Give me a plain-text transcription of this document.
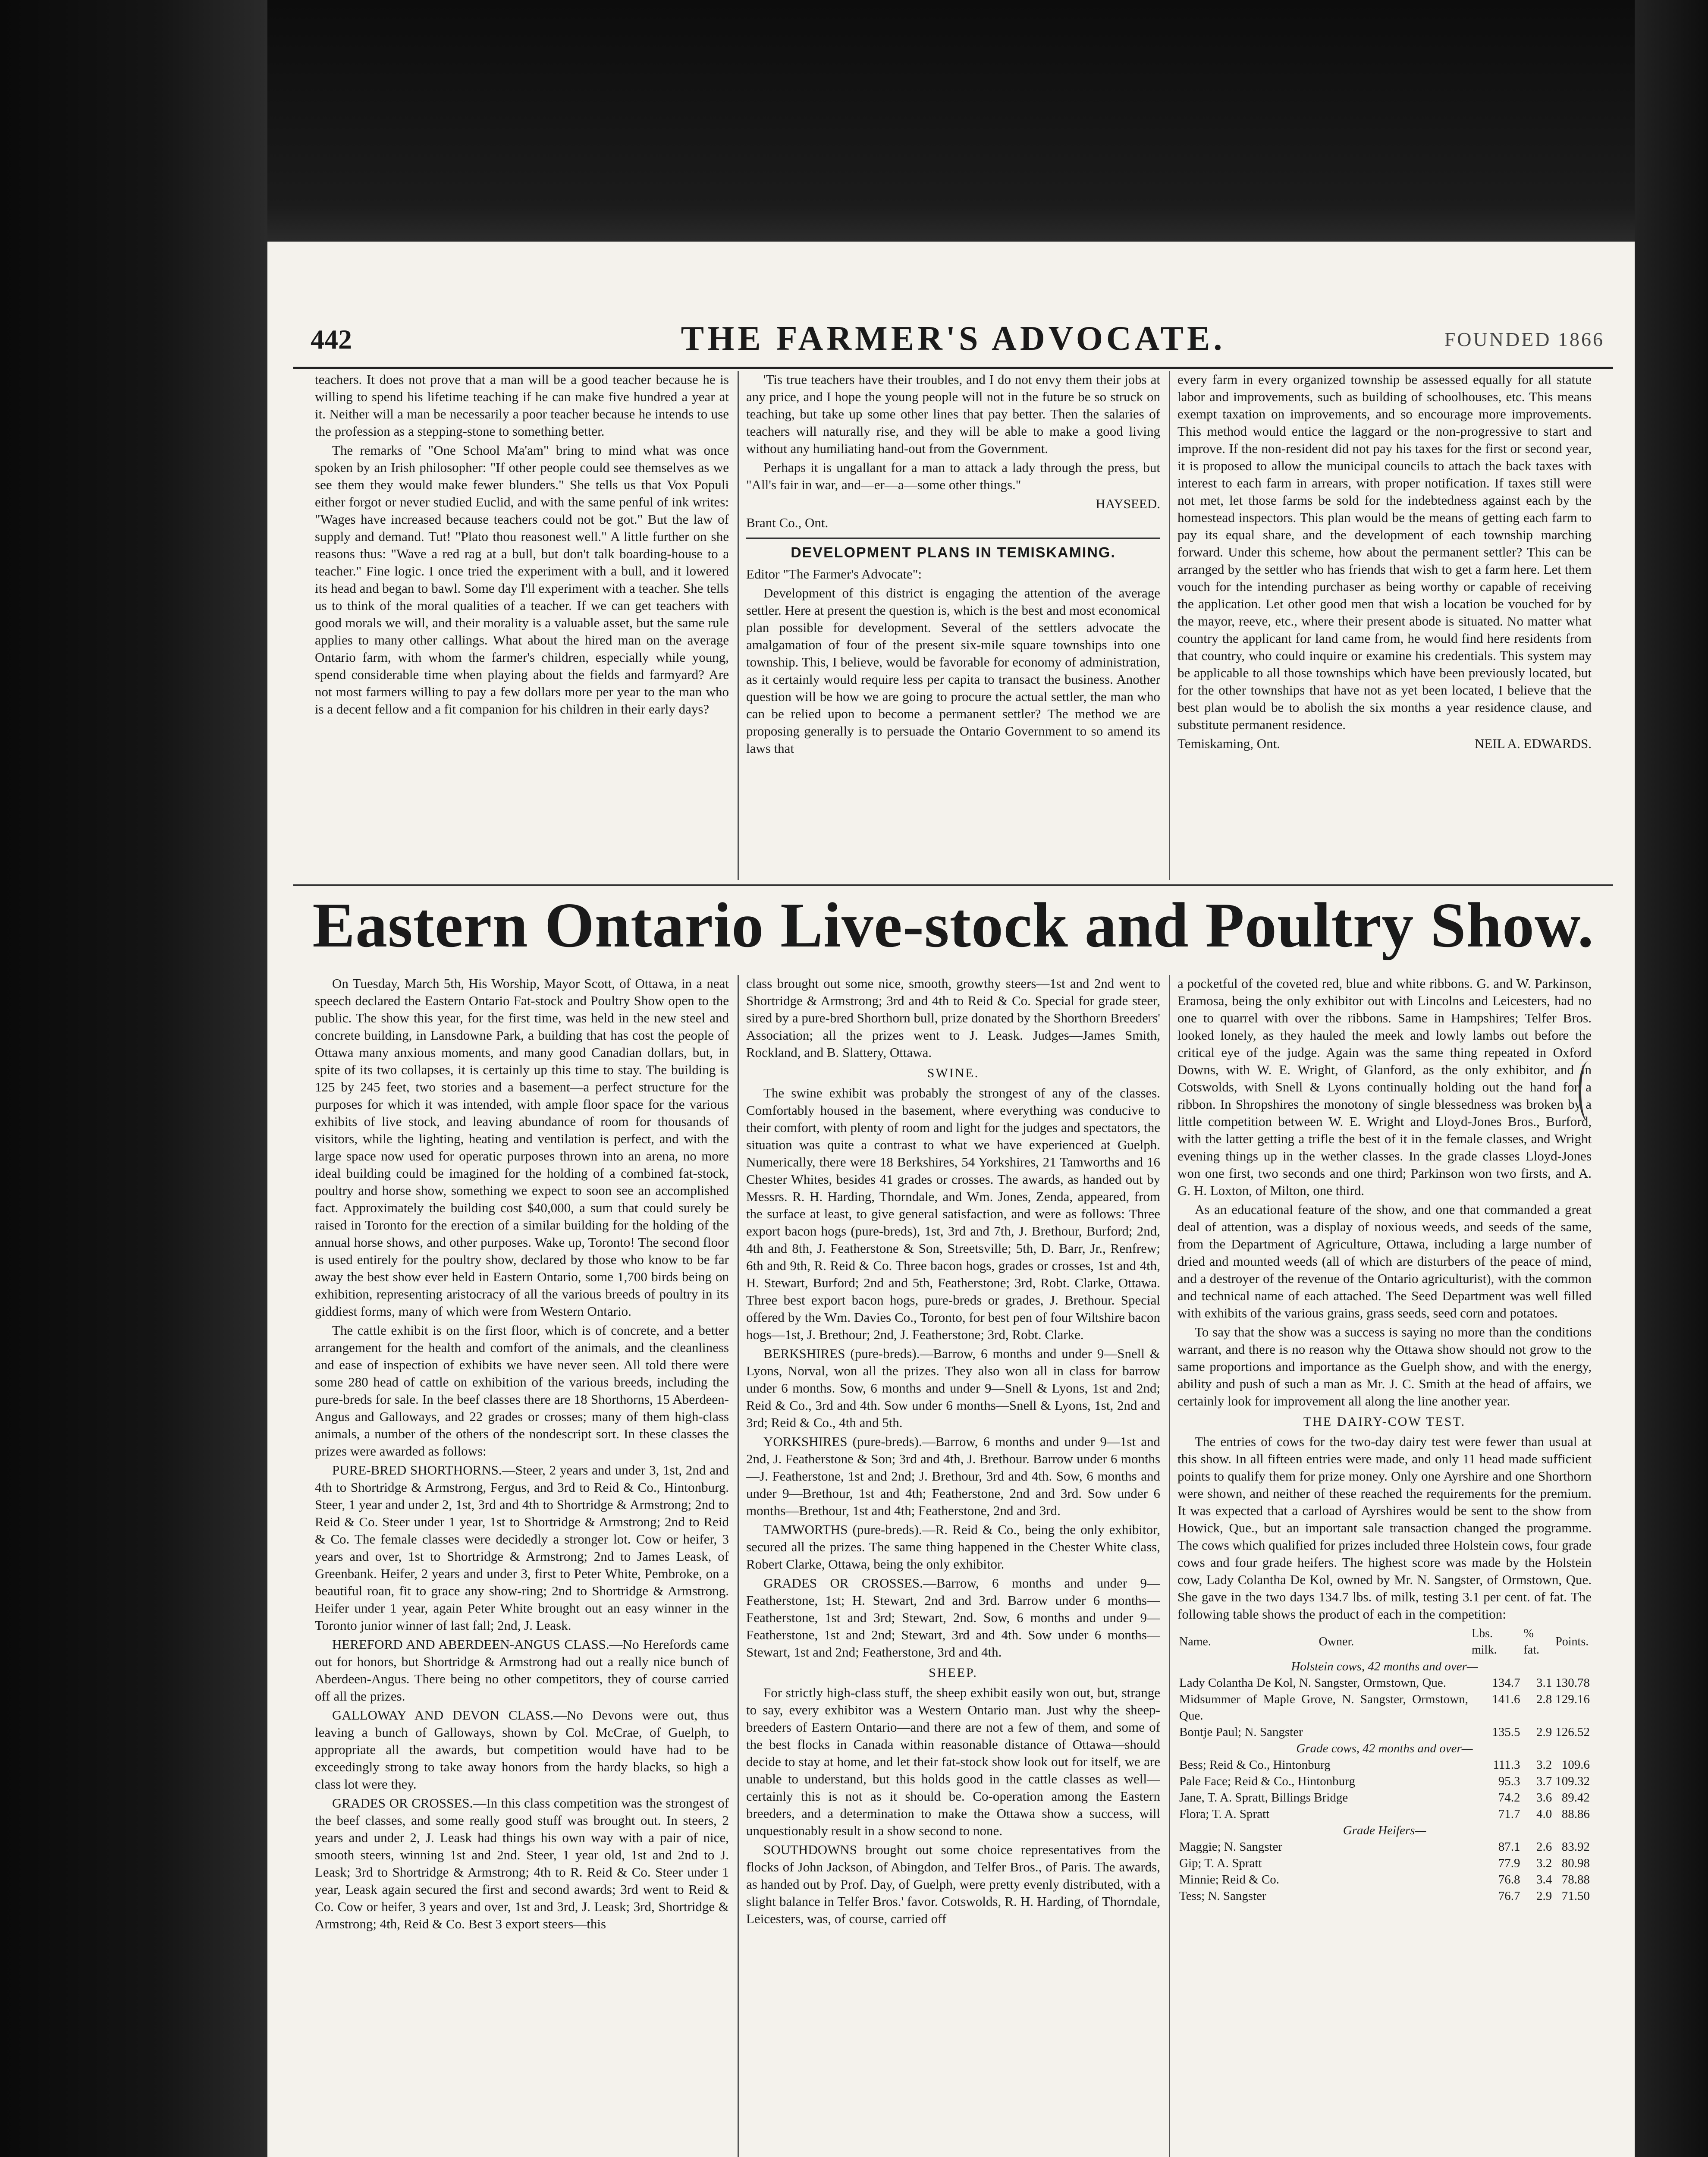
442	THE FARMER'S ADVOCATE.	FOUNDED 1866

teachers. It does not prove that a man will be a good teacher because he is willing to spend his lifetime teaching if he can make five hundred a year at it. Neither will a man be necessarily a poor teacher because he intends to use the profession as a stepping-stone to something better.

The remarks of "One School Ma'am" bring to mind what was once spoken by an Irish philosopher: "If other people could see themselves as we see them they would make fewer blunders." She tells us that Vox Populi either forgot or never studied Euclid, and with the same penful of ink writes: "Wages have increased because teachers could not be got." But the law of supply and demand. Tut! "Plato thou reasonest well." A little further on she reasons thus: "Wave a red rag at a bull, but don't talk boarding-house to a teacher." Fine logic. I once tried the experiment with a bull, and it lowered its head and began to bawl. Some day I'll experiment with a teacher. She tells us to think of the moral qualities of a teacher. If we can get teachers with good morals we will, and their morality is a valuable asset, but the same rule applies to many other callings. What about the hired man on the average Ontario farm, with whom the farmer's children, especially while young, spend considerable time when playing about the fields and farmyard? Are not most farmers willing to pay a few dollars more per year to the man who is a decent fellow and a fit companion for his children in their early days?

'Tis true teachers have their troubles, and I do not envy them their jobs at any price, and I hope the young people will not in the future be so struck on teaching, but take up some other lines that pay better. Then the salaries of teachers will naturally rise, and they will be able to make a good living without any humiliating hand-out from the Government.

Perhaps it is ungallant for a man to attack a lady through the press, but "All's fair in war, and—er—a—some other things."

HAYSEED.

Brant Co., Ont.

DEVELOPMENT PLANS IN TEMISKAMING.

Editor "The Farmer's Advocate":

Development of this district is engaging the attention of the average settler. Here at present the question is, which is the best and most economical plan possible for development. Several of the settlers advocate the amalgamation of four of the present six-mile square townships into one township. This, I believe, would be favorable for economy of administration, as it certainly would require less per capita to transact the business. Another question will be how we are going to procure the actual settler, the man who can be relied upon to become a permanent settler? The method we are proposing generally is to persuade the Ontario Government to so amend its laws that

every farm in every organized township be assessed equally for all statute labor and improvements, such as building of schoolhouses, etc. This means exempt taxation on improvements, and so encourage more improvements. This method would entice the laggard or the non-progressive to start and improve. If the non-resident did not pay his taxes for the first or second year, it is proposed to allow the municipal councils to attach the back taxes with interest to each farm in arrears, with proper notification. If taxes still were not met, let those farms be sold for the indebtedness against each by the homestead inspectors. This plan would be the means of getting each farm to pay its equal share, and the development of each township marching forward. Under this scheme, how about the permanent settler? This can be arranged by the settler who has friends that wish to get a farm here. Let them vouch for the intending purchaser as being worthy or capable of receiving the application. Let other good men that wish a location be vouched for by the mayor, reeve, etc., where their present abode is situated. No matter what country the applicant for land came from, he would find here residents from that country, who could inquire or examine his credentials. This system may be applicable to all those townships which have been previously located, but for the other townships that have not as yet been located, I believe that the best plan would be to abolish the six months a year residence clause, and substitute permanent residence.

Temiskaming, Ont.	NEIL A. EDWARDS.

Eastern Ontario Live-stock and Poultry Show.

On Tuesday, March 5th, His Worship, Mayor Scott, of Ottawa, in a neat speech declared the Eastern Ontario Fat-stock and Poultry Show open to the public. The show this year, for the first time, was held in the new steel and concrete building, in Lansdowne Park, a building that has cost the people of Ottawa many anxious moments, and many good Canadian dollars, but, in spite of its two collapses, it is certainly up this time to stay. The building is 125 by 245 feet, two stories and a basement—a perfect structure for the purposes for which it was intended, with ample floor space for the various exhibits of live stock, and leaving abundance of room for thousands of visitors, while the lighting, heating and ventilation is perfect, and with the large space now used for operatic purposes thrown into an arena, no more ideal building could be imagined for the holding of a combined fat-stock, poultry and horse show, something we expect to soon see an accomplished fact. Approximately the building cost $40,000, a sum that could surely be raised in Toronto for the erection of a similar building for the holding of the annual horse shows, and other purposes. Wake up, Toronto! The second floor is used entirely for the poultry show, declared by those who know to be far away the best show ever held in Eastern Ontario, some 1,700 birds being on exhibition, representing aristocracy of all the various breeds of poultry in its giddiest forms, many of which were from Western Ontario.

The cattle exhibit is on the first floor, which is of concrete, and a better arrangement for the health and comfort of the animals, and the cleanliness and ease of inspection of exhibits we have never seen. All told there were some 280 head of cattle on exhibition of the various breeds, including the pure-breds for sale. In the beef classes there are 18 Shorthorns, 15 Aberdeen-Angus and Galloways, and 22 grades or crosses; many of them high-class animals, a number of the others of the nondescript sort. In these classes the prizes were awarded as follows:

PURE-BRED SHORTHORNS.—Steer, 2 years and under 3, 1st, 2nd and 4th to Shortridge & Armstrong, Fergus, and 3rd to Reid & Co., Hintonburg. Steer, 1 year and under 2, 1st, 3rd and 4th to Shortridge & Armstrong; 2nd to Reid & Co. Steer under 1 year, 1st to Shortridge & Armstrong; 2nd to Reid & Co. The female classes were decidedly a stronger lot. Cow or heifer, 3 years and over, 1st to Shortridge & Armstrong; 2nd to James Leask, of Greenbank. Heifer, 2 years and under 3, first to Peter White, Pembroke, on a beautiful roan, fit to grace any show-ring; 2nd to Shortridge & Armstrong. Heifer under 1 year, again Peter White brought out an easy winner in the Toronto junior winner of last fall; 2nd, J. Leask.

HEREFORD AND ABERDEEN-ANGUS CLASS.—No Herefords came out for honors, but Shortridge & Armstrong had out a really nice bunch of Aberdeen-Angus. There being no other competitors, they of course carried off all the prizes.

GALLOWAY AND DEVON CLASS.—No Devons were out, thus leaving a bunch of Galloways, shown by Col. McCrae, of Guelph, to appropriate all the awards, but competition would have had to be exceedingly strong to take away honors from the hardy blacks, so high a class lot were they.

GRADES OR CROSSES.—In this class competition was the strongest of the beef classes, and some really good stuff was brought out. In steers, 2 years and under 2, J. Leask had things his own way with a pair of nice, smooth steers, winning 1st and 2nd. Steer, 1 year old, 1st and 2nd to J. Leask; 3rd to Shortridge & Armstrong; 4th to R. Reid & Co. Steer under 1 year, Leask again secured the first and second awards; 3rd went to Reid & Co. Cow or heifer, 3 years and over, 1st and 3rd, J. Leask; 3rd, Shortridge & Armstrong; 4th, Reid & Co. Best 3 export steers—this

class brought out some nice, smooth, growthy steers—1st and 2nd went to Shortridge & Armstrong; 3rd and 4th to Reid & Co. Special for grade steer, sired by a pure-bred Shorthorn bull, prize donated by the Shorthorn Breeders' Association; all the prizes went to J. Leask. Judges—James Smith, Rockland, and B. Slattery, Ottawa.

SWINE.

The swine exhibit was probably the strongest of any of the classes. Comfortably housed in the basement, where everything was conducive to their comfort, with plenty of room and light for the judges and spectators, the situation was quite a contrast to what we have experienced at Guelph. Numerically, there were 18 Berkshires, 54 Yorkshires, 21 Tamworths and 16 Chester Whites, besides 41 grades or crosses. The awards, as handed out by Messrs. R. H. Harding, Thorndale, and Wm. Jones, Zenda, appeared, from the surface at least, to give general satisfaction, and were as follows: Three export bacon hogs (pure-breds), 1st, 3rd and 7th, J. Brethour, Burford; 2nd, 4th and 8th, J. Featherstone & Son, Streetsville; 5th, D. Barr, Jr., Renfrew; 6th and 9th, R. Reid & Co. Three bacon hogs, grades or crosses, 1st and 4th, H. Stewart, Burford; 2nd and 5th, Featherstone; 3rd, Robt. Clarke, Ottawa. Three best export bacon hogs, pure-breds or grades, J. Brethour. Special offered by the Wm. Davies Co., Toronto, for best pen of four Wiltshire bacon hogs—1st, J. Brethour; 2nd, J. Featherstone; 3rd, Robt. Clarke.

BERKSHIRES (pure-breds).—Barrow, 6 months and under 9—Snell & Lyons, Norval, won all the prizes. They also won all in class for barrow under 6 months. Sow, 6 months and under 9—Snell & Lyons, 1st and 2nd; Reid & Co., 3rd and 4th. Sow under 6 months—Snell & Lyons, 1st, 2nd and 3rd; Reid & Co., 4th and 5th.

YORKSHIRES (pure-breds).—Barrow, 6 months and under 9—1st and 2nd, J. Featherstone & Son; 3rd and 4th, J. Brethour. Barrow under 6 months—J. Featherstone, 1st and 2nd; J. Brethour, 3rd and 4th. Sow, 6 months and under 9—Brethour, 1st and 4th; Featherstone, 2nd and 3rd. Sow under 6 months—Brethour, 1st and 4th; Featherstone, 2nd and 3rd.

TAMWORTHS (pure-breds).—R. Reid & Co., being the only exhibitor, secured all the prizes. The same thing happened in the Chester White class, Robert Clarke, Ottawa, being the only exhibitor.

GRADES OR CROSSES.—Barrow, 6 months and under 9—Featherstone, 1st; H. Stewart, 2nd and 3rd. Barrow under 6 months—Featherstone, 1st and 3rd; Stewart, 2nd. Sow, 6 months and under 9—Featherstone, 1st and 2nd; Stewart, 3rd and 4th. Sow under 6 months—Stewart, 1st and 2nd; Featherstone, 3rd and 4th.

SHEEP.

For strictly high-class stuff, the sheep exhibit easily won out, but, strange to say, every exhibitor was a Western Ontario man. Just why the sheep-breeders of Eastern Ontario—and there are not a few of them, and some of the best flocks in Canada within reasonable distance of Ottawa—should decide to stay at home, and let their fat-stock show look out for itself, we are unable to understand, but this holds good in the cattle classes as well—certainly this is not as it should be. Co-operation among the Eastern breeders, and a determination to make the Ottawa show a success, will unquestionably result in a show second to none.

SOUTHDOWNS brought out some choice representatives from the flocks of John Jackson, of Abingdon, and Telfer Bros., of Paris. The awards, as handed out by Prof. Day, of Guelph, were pretty evenly distributed, with a slight balance in Telfer Bros.' favor. Cotswolds, R. H. Harding, of Thorndale, Leicesters, was, of course, carried off

a pocketful of the coveted red, blue and white ribbons. G. and W. Parkinson, Eramosa, being the only exhibitor out with Lincolns and Leicesters, had no one to quarrel with over the ribbons. Same in Hampshires; Telfer Bros. looked lonely, as they hauled the meek and lowly lambs out before the critical eye of the judge. Again was the same thing repeated in Oxford Downs, with W. E. Wright, of Glanford, as the only exhibitor, and in Cotswolds, with Snell & Lyons continually holding out the hand for a ribbon. In Shropshires the monotony of single blessedness was broken by a little competition between W. E. Wright and Lloyd-Jones Bros., Burford, with the latter getting a trifle the best of it in the female classes, and Wright evening things up in the wether classes. In the grade classes Lloyd-Jones won one first, two seconds and one third; Parkinson won two firsts, and A. G. H. Loxton, of Milton, one third.

As an educational feature of the show, and one that commanded a great deal of attention, was a display of noxious weeds, and seeds of the same, from the Department of Agriculture, Ottawa, including a large number of dried and mounted weeds (all of which are disturbers of the peace of mind, and a destroyer of the revenue of the Ontario agriculturist), with the common and technical name of each attached. The Seed Department was well filled with exhibits of the various grains, grass seeds, seed corn and potatoes.

To say that the show was a success is saying no more than the conditions warrant, and there is no reason why the Ottawa show should not grow to the same proportions and importance as the Guelph show, and with the energy, ability and push of such a man as Mr. J. C. Smith at the head of affairs, we certainly look for improvement all along the line another year.

THE DAIRY-COW TEST.

The entries of cows for the two-day dairy test were fewer than usual at this show. In all fifteen entries were made, and only 11 head made sufficient points to qualify them for prize money. Only one Ayrshire and one Shorthorn were shown, and neither of these reached the requirements for the premium. It was expected that a carload of Ayrshires would be sent to the show from Howick, Que., but an important sale transaction changed the programme. The cows which qualified for prizes included three Holstein cows, four grade cows and four grade heifers. The highest score was made by the Holstein cow, Lady Colantha De Kol, owned by Mr. N. Sangster, of Ormstown, Que. She gave in the two days 134.7 lbs. of milk, testing 3.1 per cent. of fat. The following table shows the product of each in the competition:

Name.	Owner.	Lbs. milk.	% fat.	Points.
Holstein cows, 42 months and over—				
Lady Colantha De Kol, N. Sangster, Ormstown, Que.		134.7	3.1	130.78
Midsummer of Maple Grove, N. Sangster, Ormstown, Que.		141.6	2.8	129.16
Bontje Paul; N. Sangster		135.5	2.9	126.52
Grade cows, 42 months and over—				
Bess; Reid & Co., Hintonburg		111.3	3.2	109.6
Pale Face; Reid & Co., Hintonburg		95.3	3.7	109.32
Jane, T. A. Spratt, Billings Bridge		74.2	3.6	89.42
Flora; T. A. Spratt		71.7	4.0	88.86
Grade Heifers—				
Maggie; N. Sangster		87.1	2.6	83.92
Gip; T. A. Spratt		77.9	3.2	80.98
Minnie; Reid & Co.		76.8	3.4	78.88
Tess; N. Sangster		76.7	2.9	71.50
